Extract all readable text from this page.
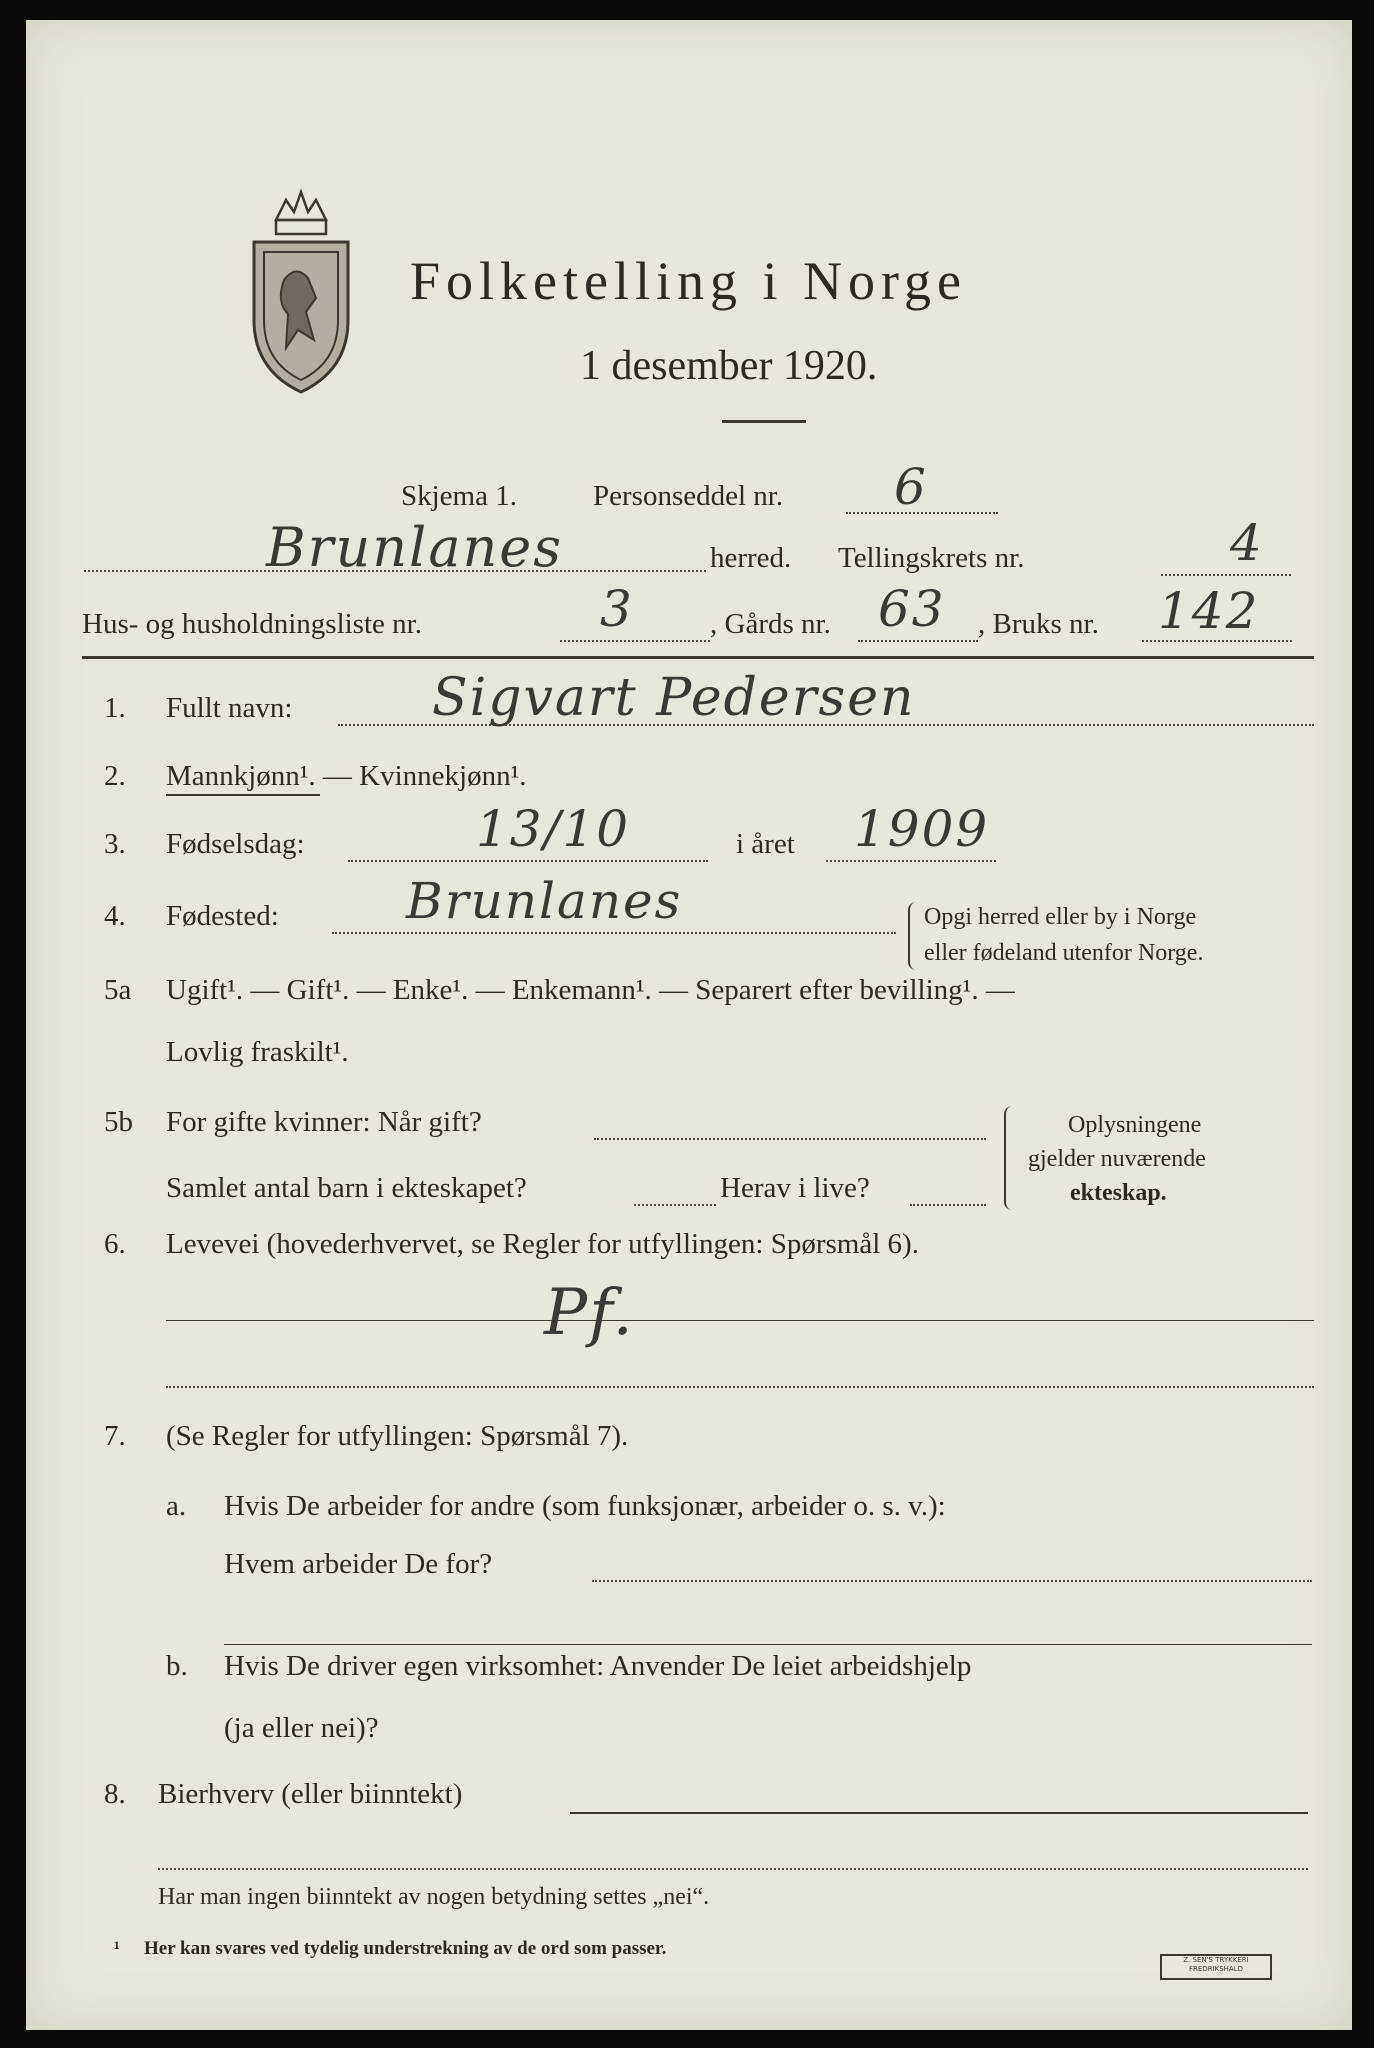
Folketelling i Norge
1 desember 1920.
Skjema 1.	Personseddel nr. 6
Brunlanes	herred. Tellingskrets nr.	4
Hus- og husholdningsliste nr.	3	, Gårds nr. 63 , Bruks nr. 142
1. Fullt navn:	Sigvart Pedersen
2. Mannkjønn¹. — Kvinnekjønn¹.
3. Fødselsdag:	13/10	i året 1909
4. Fødested:	Brunlanes	Opgi herred eller by i Norge
eller fødeland utenfor Norge.
5a Ugift¹. — Gift¹. — Enke¹. — Enkemann¹. — Separert efter bevilling¹. —
Lovlig fraskilt¹.
5b For gifte kvinner: Når gift?
Samlet antal barn i ekteskapet?	Herav i live?
Oplysningene
gjelder nuværende
ekteskap.
6. Levevei (hovederhvervet, se Regler for utfyllingen: Spørsmål 6).
Pf.
7. (Se Regler for utfyllingen: Spørsmål 7).
a. Hvis De arbeider for andre (som funksjonær, arbeider o. s. v.):
Hvem arbeider De for?
b. Hvis De driver egen virksomhet: Anvender De leiet arbeidshjelp
(ja eller nei)?
8. Bierhverv (eller biinntekt)
Har man ingen biinntekt av nogen betydning settes „nei“.
¹ Her kan svares ved tydelig understrekning av de ord som passer.
Z. SEN'S TRYKKERI
FREDRIKSHALD
